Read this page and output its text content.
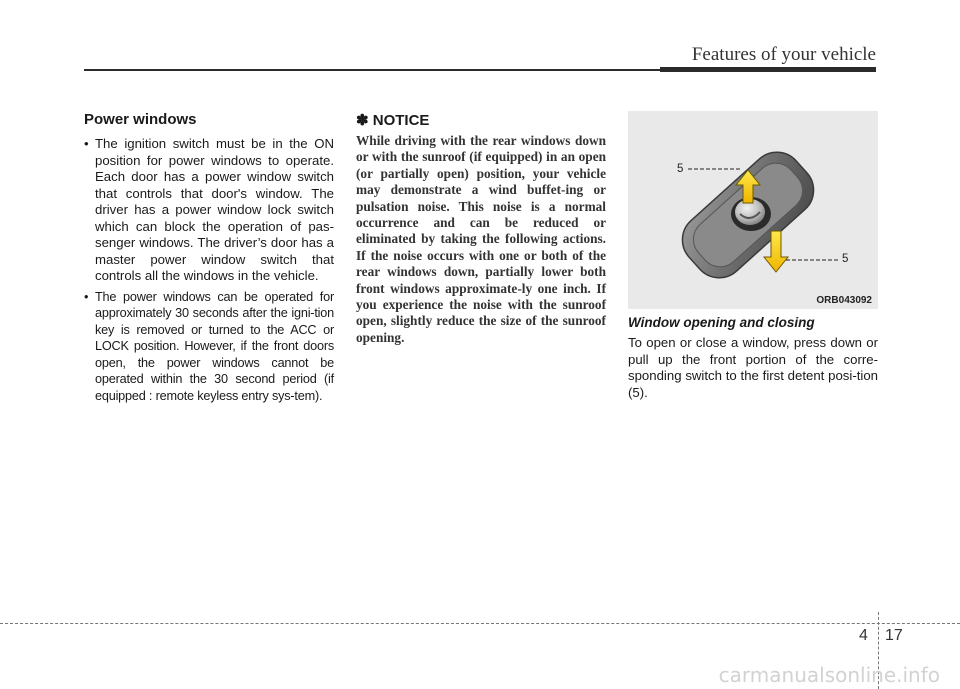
Features of your vehicle
Power windows
• The ignition switch must be in the ON position for power windows to operate. Each door has a power window switch that controls that door's window. The driver has a power window lock switch which can block the operation of pas-senger windows. The driver’s door has a master power window switch that controls all the windows in the vehicle.
• The power windows can be operated for approximately 30 seconds after the igni-tion key is removed or turned to the ACC or LOCK position. However, if the front doors open, the power windows cannot be operated within the 30 second period (if equipped : remote keyless entry sys-tem).
✽ NOTICE

While driving with the rear windows down or with the sunroof (if equipped) in an open (or partially open) position, your vehicle may demonstrate a wind buffet-ing or pulsation noise. This noise is a normal occurrence and can be reduced or eliminated by taking the following actions. If the noise occurs with one or both of the rear windows down, partially lower both front windows approximate-ly one inch. If you experience the noise with the sunroof open, slightly reduce the size of the sunroof opening.

5
5
ORB043092
Window opening and closing

To open or close a window, press down or pull up the front portion of the corre-sponding switch to the first detent posi-tion (5).

4 17
carmanualsonline.info
